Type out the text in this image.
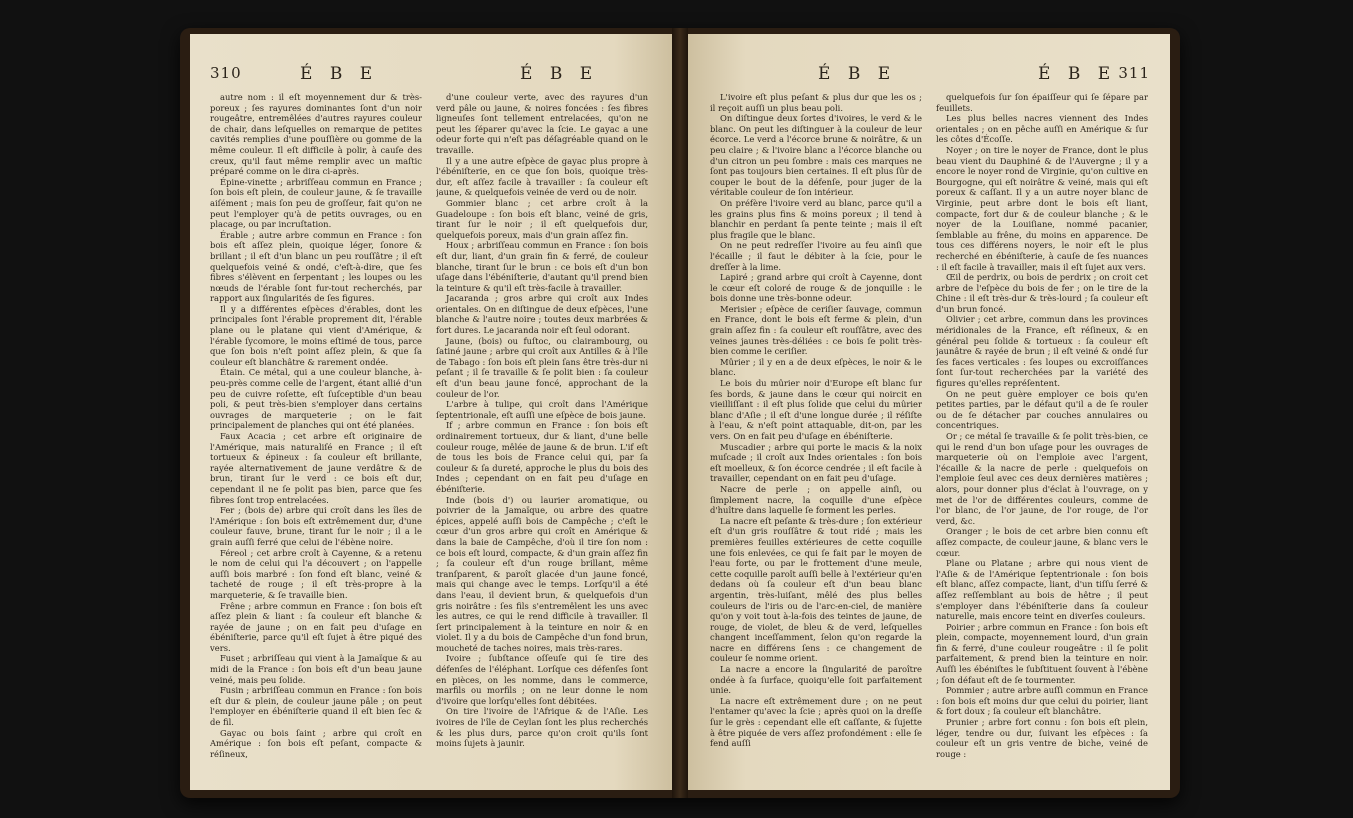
310	É B E	É B E

autre nom : il eſt moyennement dur & très-poreux ; ſes rayures dominantes ſont d'un noir rougeâtre, entremêlées d'autres rayures couleur de chair, dans leſquelles on remarque de petites cavités remplies d'une pouſſière ou gomme de la même couleur. Il eſt difficile à polir, à cauſe des creux, qu'il faut même remplir avec un maſtic préparé comme on le dira ci-après.

Épine-vinette ; arbriſſeau commun en France ; ſon bois eſt plein, de couleur jaune, & ſe travaille aiſément ; mais ſon peu de groſſeur, fait qu'on ne peut l'employer qu'à de petits ouvrages, ou en placage, ou par incruſtation.

Érable ; autre arbre commun en France : ſon bois eſt aſſez plein, quoique léger, ſonore & brillant ; il eſt d'un blanc un peu rouſſâtre ; il eſt quelquefois veiné & ondé, c'eſt-à-dire, que ſes fibres s'élèvent en ſerpentant ; les loupes ou les nœuds de l'érable ſont fur-tout recherchés, par rapport aux ſingularités de ſes figures.

Il y a différentes eſpèces d'érables, dont les principales ſont l'érable proprement dit, l'érable plane ou le platane qui vient d'Amérique, & l'érable ſycomore, le moins eſtimé de tous, parce que ſon bois n'eſt point aſſez plein, & que ſa couleur eſt blanchâtre & rarement ondée.

Étain. Ce métal, qui a une couleur blanche, à-peu-près comme celle de l'argent, étant allié d'un peu de cuivre roſette, eſt ſuſceptible d'un beau poli, & peut très-bien s'employer dans certains ouvrages de marqueterie ; on le fait principalement de planches qui ont été planées.

Faux Acacia ; cet arbre eſt originaire de l'Amérique, mais naturaliſé en France ; il eſt tortueux & épineux : ſa couleur eſt brillante, rayée alternativement de jaune verdâtre & de brun, tirant ſur le verd : ce bois eſt dur, cependant il ne ſe polit pas bien, parce que ſes fibres ſont trop entrelacées.

Fer ; (bois de) arbre qui croît dans les îles de l'Amérique : ſon bois eſt extrêmement dur, d'une couleur fauve, brune, tirant ſur le noir ; il a le grain auſſi ferré que celui de l'ébène noire.

Féreol ; cet arbre croît à Cayenne, & a retenu le nom de celui qui l'a découvert ; on l'appelle auſſi bois marbré : ſon fond eſt blanc, veiné & tacheté de rouge ; il eſt très-propre à la marqueterie, & ſe travaille bien.

Frêne ; arbre commun en France : ſon bois eſt aſſez plein & liant : ſa couleur eſt blanche & rayée de jaune ; on en fait peu d'uſage en ébéniſterie, parce qu'il eſt ſujet à être piqué des vers.

Fuset ; arbriſſeau qui vient à la Jamaïque & au midi de la France : ſon bois eſt d'un beau jaune veiné, mais peu ſolide.

Fusin ; arbriſſeau commun en France : ſon bois eſt dur & plein, de couleur jaune pâle ; on peut l'employer en ébéniſterie quand il eſt bien ſec & de fil.

Gayac ou bois ſaint ; arbre qui croît en Amérique : ſon bois eſt peſant, compacte & réſineux,

d'une couleur verte, avec des rayures d'un verd pâle ou jaune, & noires foncées : ſes fibres ligneuſes ſont tellement entrelacées, qu'on ne peut les ſéparer qu'avec la ſcie. Le gayac a une odeur forte qui n'eſt pas déſagréable quand on le travaille.

Il y a une autre eſpèce de gayac plus propre à l'ébéniſterie, en ce que ſon bois, quoique très-dur, eſt aſſez facile à travailler : ſa couleur eſt jaune, & quelquefois veinée de verd ou de noir.

Gommier blanc ; cet arbre croît à la Guadeloupe : ſon bois eſt blanc, veiné de gris, tirant ſur le noir ; il eſt quelquefois dur, quelquefois poreux, mais d'un grain aſſez fin.

Houx ; arbriſſeau commun en France : ſon bois eſt dur, liant, d'un grain fin & ferré, de couleur blanche, tirant ſur le brun : ce bois eſt d'un bon uſage dans l'ébéniſterie, d'autant qu'il prend bien la teinture & qu'il eſt très-facile à travailler.

Jacaranda ; gros arbre qui croît aux Indes orientales. On en diſtingue de deux eſpèces, l'une blanche & l'autre noire ; toutes deux marbrées & fort dures. Le jacaranda noir eſt ſeul odorant.

Jaune, (bois) ou fuſtoc, ou clairambourg, ou ſatiné jaune ; arbre qui croît aux Antilles & à l'île de Tabago : ſon bois eſt plein ſans être très-dur ni peſant ; il ſe travaille & ſe polit bien : ſa couleur eſt d'un beau jaune foncé, approchant de la couleur de l'or.

L'arbre à tulipe, qui croît dans l'Amérique ſeptentrionale, eſt auſſi une eſpèce de bois jaune.

If ; arbre commun en France : ſon bois eſt ordinairement tortueux, dur & liant, d'une belle couleur rouge, mêlée de jaune & de brun. L'if eſt de tous les bois de France celui qui, par ſa couleur & ſa dureté, approche le plus du bois des Indes ; cependant on en fait peu d'uſage en ébéniſterie.

Inde (bois d') ou laurier aromatique, ou poivrier de la Jamaïque, ou arbre des quatre épices, appelé auſſi bois de Campêche ; c'eſt le cœur d'un gros arbre qui croît en Amérique & dans la baie de Campêche, d'où il tire ſon nom : ce bois eſt lourd, compacte, & d'un grain aſſez fin ; ſa couleur eſt d'un rouge brillant, même tranſparent, & paroît glacée d'un jaune foncé, mais qui change avec le temps. Lorſqu'il a été dans l'eau, il devient brun, & quelquefois d'un gris noirâtre : ſes fils s'entremêlent les uns avec les autres, ce qui le rend difficile à travailler. Il ſert principalement à la teinture en noir & en violet. Il y a du bois de Campêche d'un fond brun, moucheté de taches noires, mais très-rares.

Ivoire ; ſubſtance oſſeuſe qui ſe tire des défenſes de l'éléphant. Lorſque ces défenſes ſont en pièces, on les nomme, dans le commerce, marfils ou morfils ; on ne leur donne le nom d'ivoire que lorſqu'elles ſont débitées.

On tire l'ivoire de l'Afrique & de l'Aſie. Les ivoires de l'île de Ceylan ſont les plus recherchés & les plus durs, parce qu'on croit qu'ils ſont moins ſujets à jaunir.

É B E	É B E 311

L'ivoire eſt plus peſant & plus dur que les os ; il reçoit auſſi un plus beau poli.

On diſtingue deux ſortes d'ivoires, le verd & le blanc. On peut les diſtinguer à la couleur de leur écorce. Le verd a l'écorce brune & noirâtre, & un peu claire ; & l'ivoire blanc a l'écorce blanche ou d'un citron un peu ſombre : mais ces marques ne ſont pas toujours bien certaines. Il eſt plus ſûr de couper le bout de la défenſe, pour juger de la véritable couleur de ſon intérieur.

On préfère l'ivoire verd au blanc, parce qu'il a les grains plus fins & moins poreux ; il tend à blanchir en perdant ſa pente teinte ; mais il eſt plus fragile que le blanc.

On ne peut redreſſer l'ivoire au feu ainſi que l'écaille ; il faut le débiter à la ſcie, pour le dreſſer à la lime.

Lapiré ; grand arbre qui croît à Cayenne, dont le cœur eſt coloré de rouge & de jonquille : le bois donne une très-bonne odeur.

Merisier ; eſpèce de ceriſier ſauvage, commun en France, dont le bois eſt ferme & plein, d'un grain aſſez fin : ſa couleur eſt rouſſâtre, avec des veines jaunes très-déliées : ce bois ſe polit très-bien comme le ceriſier.

Mûrier ; il y en a de deux eſpèces, le noir & le blanc.

Le bois du mûrier noir d'Europe eſt blanc ſur ſes bords, & jaune dans le cœur qui noircit en vieilliſſant : il eſt plus ſolide que celui du mûrier blanc d'Aſie ; il eſt d'une longue durée ; il réſiſte à l'eau, & n'eſt point attaquable, dit-on, par les vers. On en fait peu d'uſage en ébéniſterie.

Muscadier ; arbre qui porte le macis & la noix muſcade ; il croît aux Indes orientales : ſon bois eſt moelleux, & ſon écorce cendrée ; il eſt facile à travailler, cependant on en fait peu d'uſage.

Nacre de perle ; on appelle ainſi, ou ſimplement nacre, la coquille d'une eſpèce d'huître dans laquelle ſe forment les perles.

La nacre eſt peſante & très-dure ; ſon extérieur eſt d'un gris rouſſâtre & tout ridé ; mais les premières feuilles extérieures de cette coquille une fois enlevées, ce qui ſe fait par le moyen de l'eau forte, ou par le frottement d'une meule, cette coquille paroît auſſi belle à l'extérieur qu'en dedans où ſa couleur eſt d'un beau blanc argentin, très-luiſant, mêlé des plus belles couleurs de l'iris ou de l'arc-en-ciel, de manière qu'on y voit tout à-la-fois des teintes de jaune, de rouge, de violet, de bleu & de verd, leſquelles changent inceſſamment, ſelon qu'on regarde la nacre en différens ſens : ce changement de couleur ſe nomme orient.

La nacre a encore la ſingularité de paroître ondée à ſa ſurface, quoiqu'elle ſoit parfaitement unie.

La nacre eſt extrêmement dure ; on ne peut l'entamer qu'avec la ſcie ; après quoi on la dreſſe ſur le grès : cependant elle eſt caſſante, & ſujette à être piquée de vers aſſez profondément : elle ſe fend auſſi

quelquefois ſur ſon épaiſſeur qui ſe ſépare par feuillets.

Les plus belles nacres viennent des Indes orientales ; on en pêche auſſi en Amérique & ſur les côtes d'Écoſſe.

Noyer ; on tire le noyer de France, dont le plus beau vient du Dauphiné & de l'Auvergne ; il y a encore le noyer rond de Virginie, qu'on cultive en Bourgogne, qui eſt noirâtre & veiné, mais qui eſt poreux & caſſant. Il y a un autre noyer blanc de Virginie, peut arbre dont le bois eſt liant, compacte, fort dur & de couleur blanche ; & le noyer de la Louiſiane, nommé pacanier, ſemblable au frêne, du moins en apparence. De tous ces différens noyers, le noir eſt le plus recherché en ébéniſterie, à cauſe de ſes nuances : il eſt facile à travailler, mais il eſt ſujet aux vers.

Œil de perdrix, ou bois de perdrix ; on croit cet arbre de l'eſpèce du bois de fer ; on le tire de la Chine : il eſt très-dur & très-lourd ; ſa couleur eſt d'un brun foncé.

Olivier ; cet arbre, commun dans les provinces méridionales de la France, eſt réſineux, & en général peu ſolide & tortueux : ſa couleur eſt jaunâtre & rayée de brun ; il eſt veiné & ondé ſur ſes faces verticales : ſes loupes ou excroiſſances ſont ſur-tout recherchées par la variété des figures qu'elles repréſentent.

On ne peut guère employer ce bois qu'en petites parties, par le défaut qu'il a de ſe rouler ou de ſe détacher par couches annulaires ou concentriques.

Or ; ce métal ſe travaille & ſe polit très-bien, ce qui le rend d'un bon uſage pour les ouvrages de marqueterie où on l'emploie avec l'argent, l'écaille & la nacre de perle : quelquefois on l'emploie ſeul avec ces deux dernières matières ; alors, pour donner plus d'éclat à l'ouvrage, on y met de l'or de différentes couleurs, comme de l'or blanc, de l'or jaune, de l'or rouge, de l'or verd, &c.

Oranger ; le bois de cet arbre bien connu eſt aſſez compacte, de couleur jaune, & blanc vers le cœur.

Plane ou Platane ; arbre qui nous vient de l'Aſie & de l'Amérique ſeptentrionale : ſon bois eſt blanc, aſſez compacte, liant, d'un tiſſu ſerré & aſſez reſſemblant au bois de hêtre ; il peut s'employer dans l'ébéniſterie dans ſa couleur naturelle, mais encore teint en diverſes couleurs.

Poirier ; arbre commun en France : ſon bois eſt plein, compacte, moyennement lourd, d'un grain fin & ferré, d'une couleur rougeâtre : il ſe polit parfaitement, & prend bien la teinture en noir. Auſſi les ébéniſtes le ſubſtituent ſouvent à l'ébène ; ſon défaut eſt de ſe tourmenter.

Pommier ; autre arbre auſſi commun en France : ſon bois eſt moins dur que celui du poirier, liant & fort doux ; ſa couleur eſt blanchâtre.

Prunier ; arbre fort connu : ſon bois eſt plein, léger, tendre ou dur, ſuivant les eſpèces : ſa couleur eſt un gris ventre de biche, veiné de rouge :
